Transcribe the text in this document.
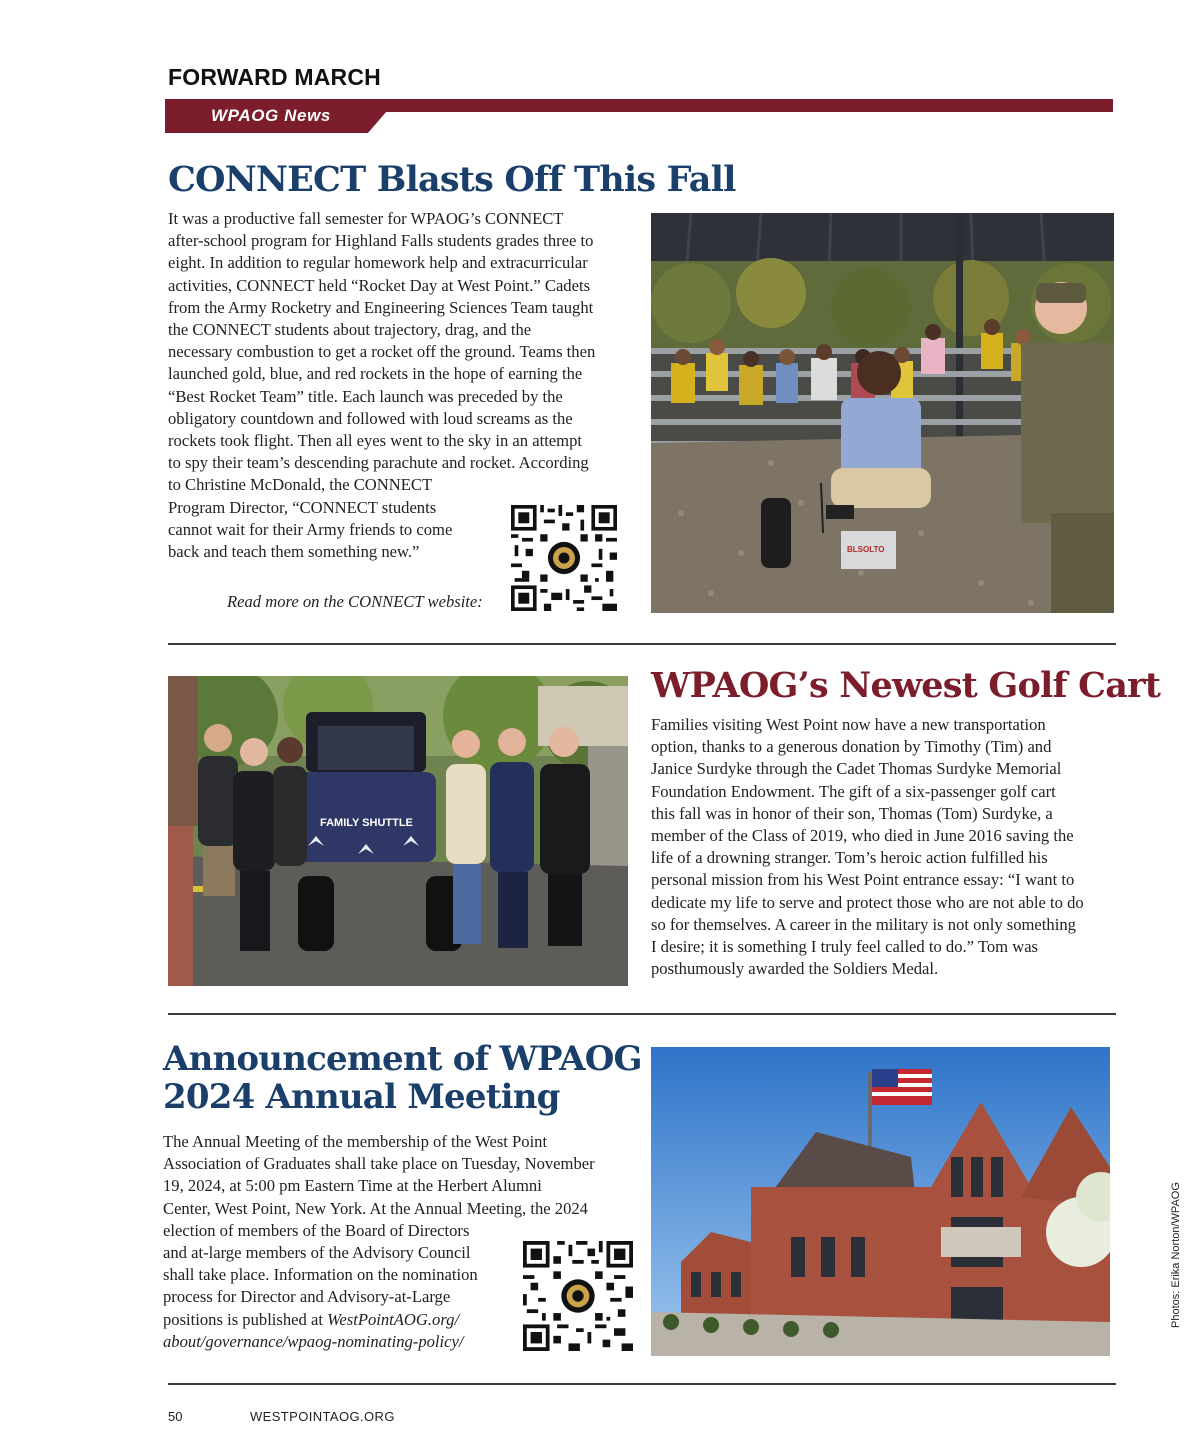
FORWARD MARCH
WPAOG News
CONNECT Blasts Off This Fall

It was a productive fall semester for WPAOG’s CONNECT

after-school program for Highland Falls students grades three to

eight. In addition to regular homework help and extracurricular

activities, CONNECT held “Rocket Day at West Point.” Cadets

from the Army Rocketry and Engineering Sciences Team taught

the CONNECT students about trajectory, drag, and the

necessary combustion to get a rocket off the ground. Teams then

launched gold, blue, and red rockets in the hope of earning the

“Best Rocket Team” title. Each launch was preceded by the

obligatory countdown and followed with loud screams as the

rockets took flight. Then all eyes went to the sky in an attempt

to spy their team’s descending parachute and rocket. According

to Christine McDonald, the CONNECT

Program Director, “CONNECT students

cannot wait for their Army friends to come

back and teach them something new.”

Read more on the CONNECT website:
BLSOLTO
FAMILY SHUTTLE
WPAOG’s Newest Golf Cart

Families visiting West Point now have a new transportation

option, thanks to a generous donation by Timothy (Tim) and

Janice Surdyke through the Cadet Thomas Surdyke Memorial

Foundation Endowment. The gift of a six-passenger golf cart

this fall was in honor of their son, Thomas (Tom) Surdyke, a

member of the Class of 2019, who died in June 2016 saving the

life of a drowning stranger. Tom’s heroic action fulfilled his

personal mission from his West Point entrance essay: “I want to

dedicate my life to serve and protect those who are not able to do

so for themselves. A career in the military is not only something

I desire; it is something I truly feel called to do.” Tom was

posthumously awarded the Soldiers Medal.

Announcement of WPAOG
2024 Annual Meeting

The Annual Meeting of the membership of the West Point

Association of Graduates shall take place on Tuesday, November

19, 2024, at 5:00 pm Eastern Time at the Herbert Alumni

Center, West Point, New York. At the Annual Meeting, the 2024

election of members of the Board of Directors

and at-large members of the Advisory Council

shall take place. Information on the nomination

process for Director and Advisory-at-Large

positions is published at WestPointAOG.org/

about/governance/wpaog-nominating-policy/

50	WESTPOINTAOG.ORG
Photos: Erika Norton/WPAOG
